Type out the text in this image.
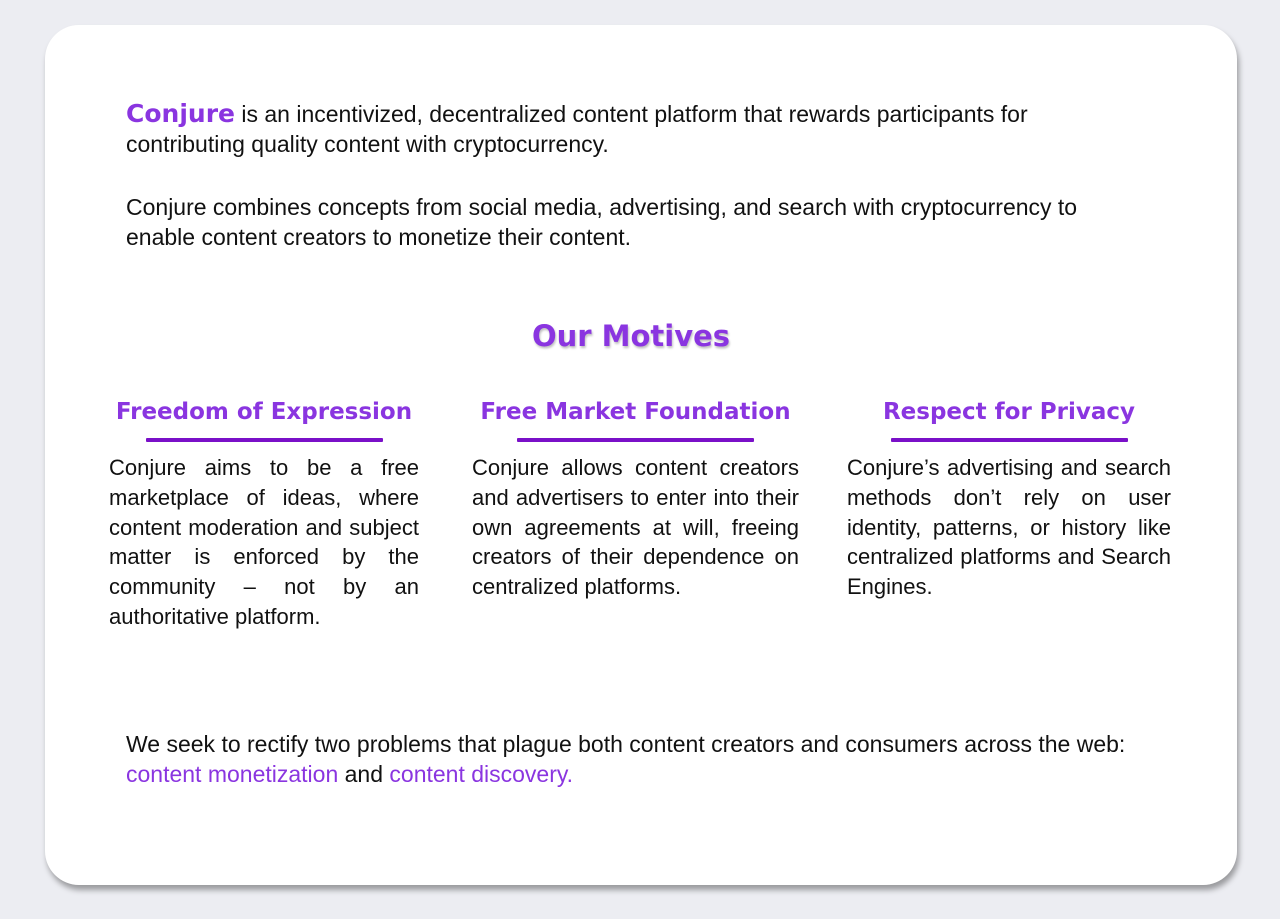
Conjure is an incentivized, decentralized content platform that rewards participants for contributing quality content with cryptocurrency.

Conjure combines concepts from social media, advertising, and search with cryptocurrency to enable content creators to monetize their content.

Our Motives
Freedom of Expression

Conjure aims to be a free marketplace of ideas, where content moderation and subject matter is enforced by the community – not by an authoritative platform.

Free Market Foundation

Conjure allows content creators and advertisers to enter into their own agreements at will, freeing creators of their dependence on centralized platforms.

Respect for Privacy

Conjure’s advertising and search methods don’t rely on user identity, patterns, or history like centralized platforms and Search Engines.

We seek to rectify two problems that plague both content creators and consumers across the web: content monetization and content discovery.
